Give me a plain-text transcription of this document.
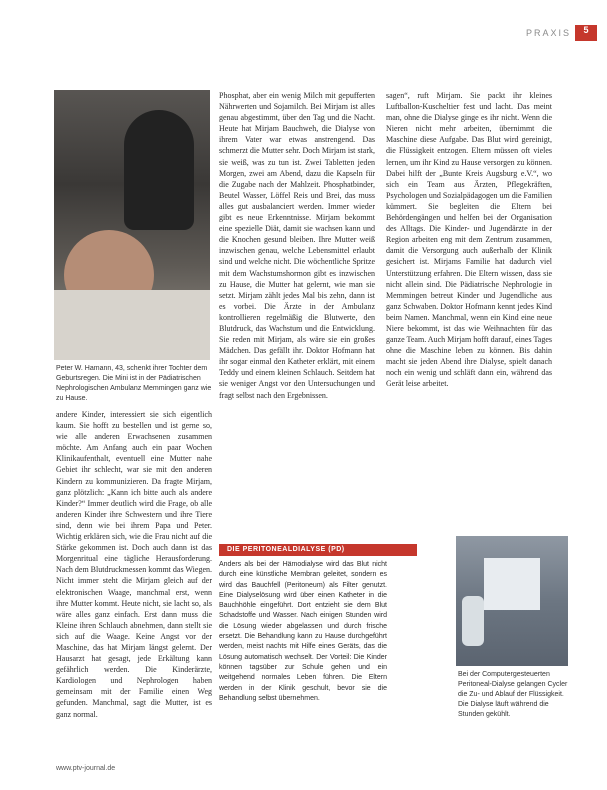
PRAXIS	5
Peter W. Hamann, 43, schenkt ihrer Tochter dem Geburtsregen. Die Mini ist in der Pädiatrischen Nephrologischen Ambulanz Memmingen ganz wie zu Hause.

andere Kinder, interessiert sie sich eigentlich kaum. Sie hofft zu bestellen und ist gerne so, wie alle anderen Erwachsenen zusammen möchte. Am Anfang auch ein paar Wochen Klinikaufenthalt, eventuell eine Mutter nahe Gebiet ihr schlecht, war sie mit den anderen Kindern zu kommunizieren. Da fragte Mirjam, ganz plötzlich: „Kann ich bitte auch als andere Kinder?“ Immer deutlich wird die Frage, ob alle anderen Kinder ihre Schwestern und ihre Tiere sind, denn wie bei ihrem Papa und Peter. Wichtig erklären sich, wie die Frau nicht auf die Stärke gekommen ist. Doch auch dann ist das Morgenritual eine tägliche Herausforderung. Nach dem Blutdruckmessen kommt das Wiegen. Nicht immer steht die Mirjam gleich auf der elektronischen Waage, manchmal erst, wenn ihre Mutter kommt. Heute nicht, sie lacht so, als wäre alles ganz einfach. Erst dann muss die Kleine ihren Schlauch abnehmen, dann stellt sie sich auf die Waage. Keine Angst vor der Maschine, das hat Mirjam längst gelernt. Der Hausarzt hat gesagt, jede Erkältung kann gefährlich werden. Die Kinderärzte, Kardiologen und Nephrologen haben gemeinsam mit der Familie einen Weg gefunden. Manchmal, sagt die Mutter, ist es ganz normal.

Phosphat, aber ein wenig Milch mit gepufferten Nährwerten und Sojamilch. Bei Mirjam ist alles genau abgestimmt, über den Tag und die Nacht. Heute hat Mirjam Bauchweh, die Dialyse von ihrem Vater war etwas anstrengend. Das schmerzt die Mutter sehr. Doch Mirjam ist stark, sie weiß, was zu tun ist. Zwei Tabletten jeden Morgen, zwei am Abend, dazu die Kapseln für die Zugabe nach der Mahlzeit. Phosphatbinder, Beutel Wasser, Löffel Reis und Brei, das muss alles gut ausbalanciert werden. Immer wieder gibt es neue Erkenntnisse. Mirjam bekommt eine spezielle Diät, damit sie wachsen kann und die Knochen gesund bleiben. Ihre Mutter weiß inzwischen genau, welche Lebensmittel erlaubt sind und welche nicht. Die wöchentliche Spritze mit dem Wachstumshormon gibt es inzwischen zu Hause, die Mutter hat gelernt, wie man sie setzt. Mirjam zählt jedes Mal bis zehn, dann ist es vorbei. Die Ärzte in der Ambulanz kontrollieren regelmäßig die Blutwerte, den Blutdruck, das Wachstum und die Entwicklung. Sie reden mit Mirjam, als wäre sie ein großes Mädchen. Das gefällt ihr. Doktor Hofmann hat ihr sogar einmal den Katheter erklärt, mit einem Teddy und einem kleinen Schlauch. Seitdem hat sie weniger Angst vor den Untersuchungen und fragt selbst nach den Ergebnissen.

sagen“, ruft Mirjam. Sie packt ihr kleines Luftballon-Kuscheltier fest und lacht. Das meint man, ohne die Dialyse ginge es ihr nicht. Wenn die Nieren nicht mehr arbeiten, übernimmt die Maschine diese Aufgabe. Das Blut wird gereinigt, die Flüssigkeit entzogen. Eltern müssen oft vieles lernen, um ihr Kind zu Hause versorgen zu können. Dabei hilft der „Bunte Kreis Augsburg e.V.“, wo sich ein Team aus Ärzten, Pflegekräften, Psychologen und Sozialpädagogen um die Familien kümmert. Sie begleiten die Eltern bei Behördengängen und helfen bei der Organisation des Alltags. Die Kinder- und Jugendärzte in der Region arbeiten eng mit dem Zentrum zusammen, damit die Versorgung auch außerhalb der Klinik gesichert ist. Mirjams Familie hat dadurch viel Unterstützung erfahren. Die Eltern wissen, dass sie nicht allein sind. Die Pädiatrische Nephrologie in Memmingen betreut Kinder und Jugendliche aus ganz Schwaben. Doktor Hofmann kennt jedes Kind beim Namen. Manchmal, wenn ein Kind eine neue Niere bekommt, ist das wie Weihnachten für das ganze Team. Auch Mirjam hofft darauf, eines Tages ohne die Maschine leben zu können. Bis dahin macht sie jeden Abend ihre Dialyse, spielt danach noch ein wenig und schläft dann ein, während das Gerät leise arbeitet.

DIE PERITONEALDIALYSE (PD)
Anders als bei der Hämodialyse wird das Blut nicht durch eine künstliche Membran geleitet, sondern es wird das Bauchfell (Peritoneum) als Filter genutzt. Eine Dialyselösung wird über einen Katheter in die Bauchhöhle eingeführt. Dort entzieht sie dem Blut Schadstoffe und Wasser. Nach einigen Stunden wird die Lösung wieder abgelassen und durch frische ersetzt. Die Behandlung kann zu Hause durchgeführt werden, meist nachts mit Hilfe eines Geräts, das die Lösung automatisch wechselt. Der Vorteil: Die Kinder können tagsüber zur Schule gehen und ein weitgehend normales Leben führen. Die Eltern werden in der Klinik geschult, bevor sie die Behandlung selbst übernehmen.
Bei der Computergesteuerten Peritoneal-Dialyse gelangen Cycler die Zu- und Ablauf der Flüssigkeit. Die Dialyse läuft während die Stunden gekühlt.
www.ptv-journal.de
